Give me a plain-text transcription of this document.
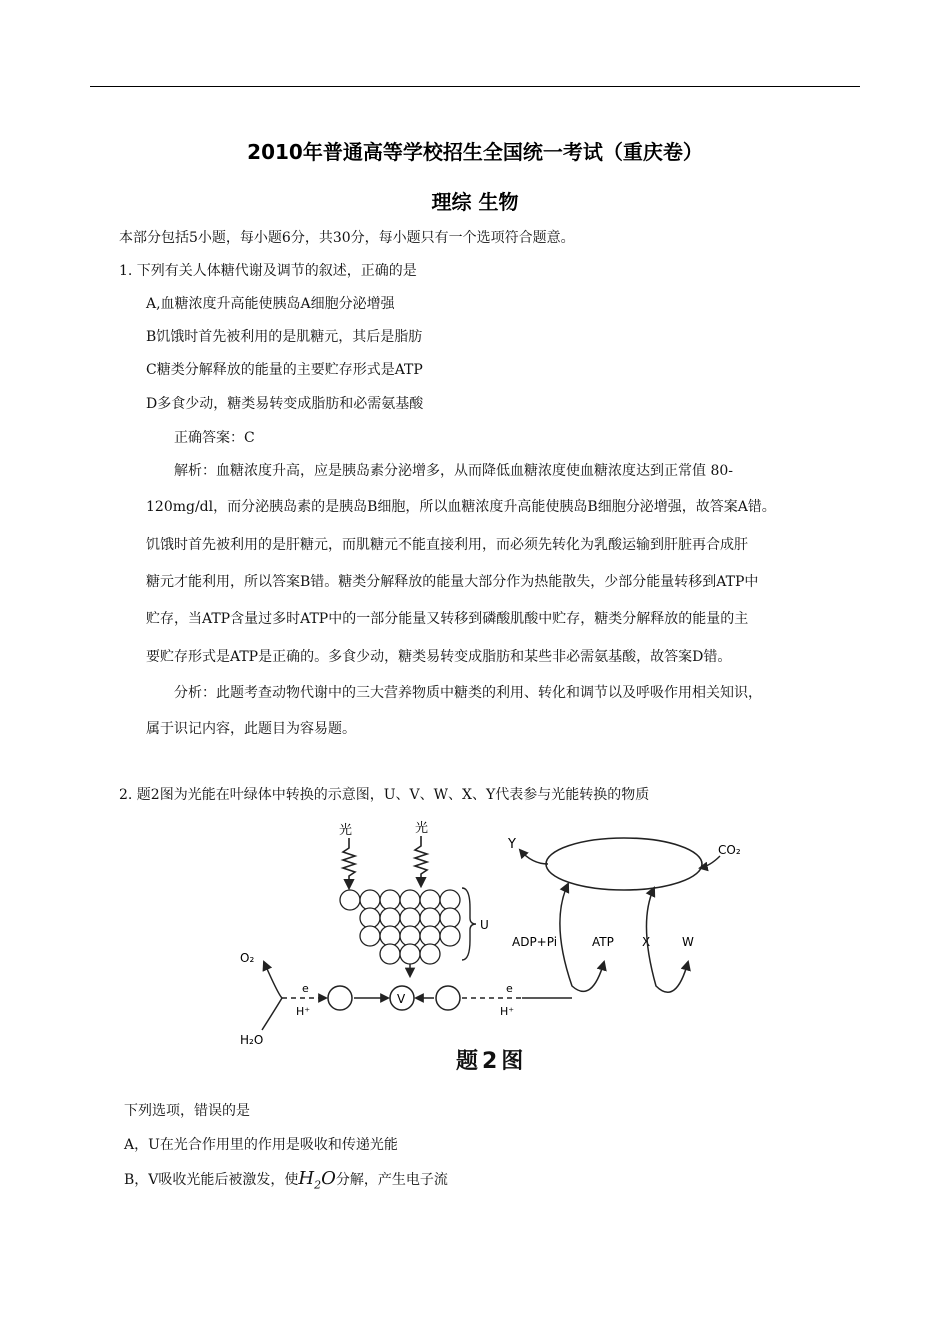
2010年普通高等学校招生全国统一考试（重庆卷）
理综 生物
本部分包括5小题，每小题6分，共30分，每小题只有一个选项符合题意。
1. 下列有关人体糖代谢及调节的叙述，正确的是
A,血糖浓度升高能使胰岛A细胞分泌增强
B饥饿时首先被利用的是肌糖元，其后是脂肪
C糖类分解释放的能量的主要贮存形式是ATP
D多食少动，糖类易转变成脂肪和必需氨基酸
正确答案：C
解析：血糖浓度升高，应是胰岛素分泌增多，从而降低血糖浓度使血糖浓度达到正常值 80-
120mg/dl，而分泌胰岛素的是胰岛B细胞，所以血糖浓度升高能使胰岛B细胞分泌增强，故答案A错。
饥饿时首先被利用的是肝糖元，而肌糖元不能直接利用，而必须先转化为乳酸运输到肝脏再合成肝
糖元才能利用，所以答案B错。糖类分解释放的能量大部分作为热能散失，少部分能量转移到ATP中
贮存，当ATP含量过多时ATP中的一部分能量又转移到磷酸肌酸中贮存，糖类分解释放的能量的主
要贮存形式是ATP是正确的。多食少动，糖类易转变成脂肪和某些非必需氨基酸，故答案D错。
分析：此题考查动物代谢中的三大营养物质中糖类的利用、转化和调节以及呼吸作用相关知识，
属于识记内容，此题目为容易题。
2. 题2图为光能在叶绿体中转换的示意图，U、V、W、X、Y代表参与光能转换的物质
光	光
U
V
e
H⁺
e
H⁺
O₂
H₂O
Y	CO₂
ADP+Pi	ATP X	W
题2图
下列选项，错误的是
A，U在光合作用里的作用是吸收和传递光能
B，V吸收光能后被激发，使$H_2O$分解，产生电子流
